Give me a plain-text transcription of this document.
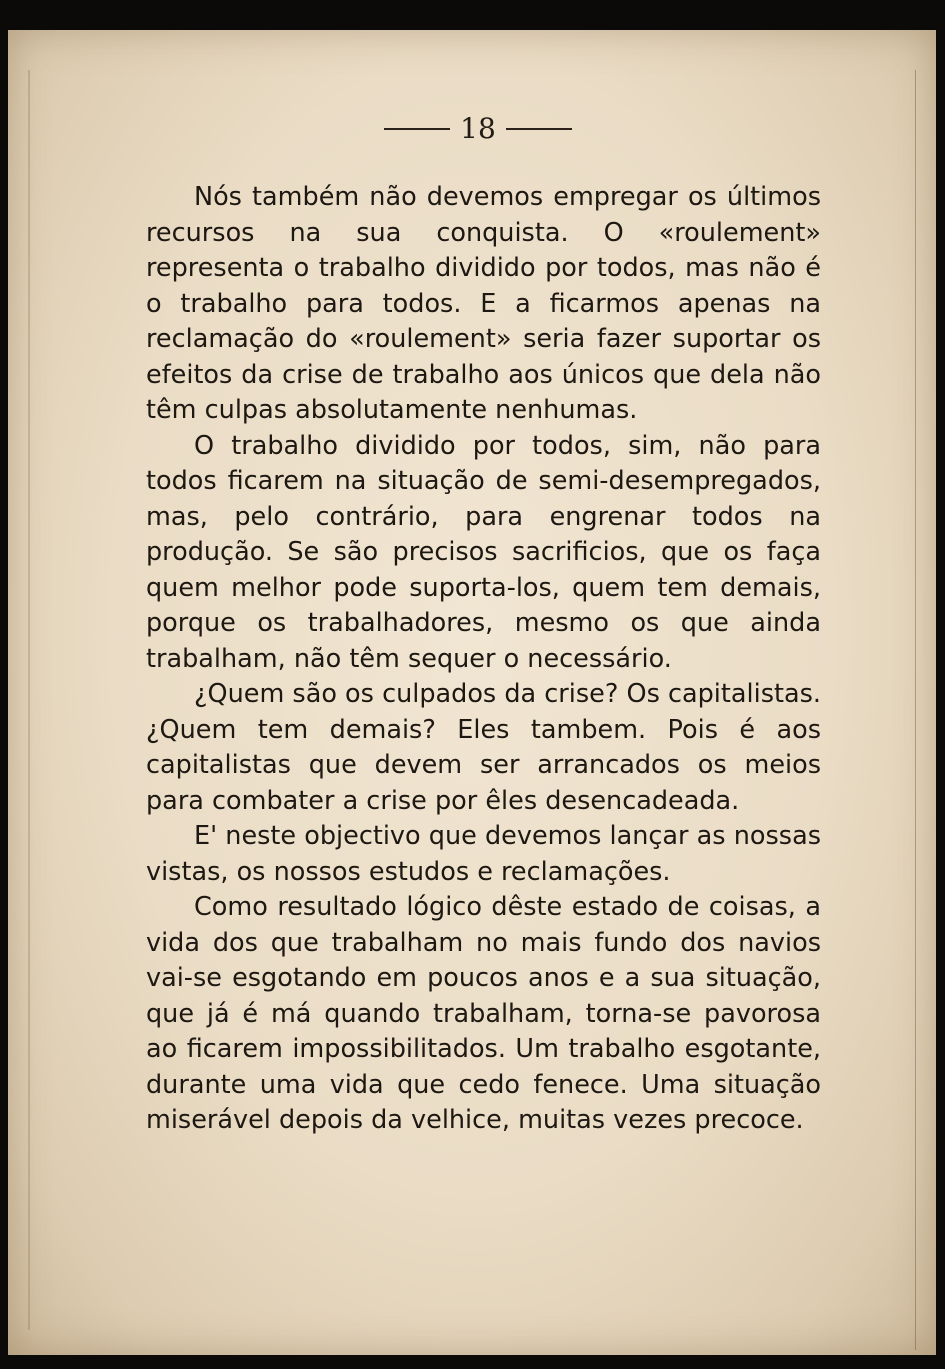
18

Nós também não devemos empregar os últimos recursos na sua conquista. O «roulement» representa o trabalho dividido por todos, mas não é o trabalho para todos. E a ficarmos apenas na reclamação do «roulement» seria fazer suportar os efeitos da crise de trabalho aos únicos que dela não têm culpas absolutamente nenhumas.

O trabalho dividido por todos, sim, não para todos ficarem na situação de semi-desempregados, mas, pelo contrário, para engrenar todos na produção. Se são precisos sacrificios, que os faça quem melhor pode suporta-los, quem tem demais, porque os trabalhadores, mesmo os que ainda trabalham, não têm sequer o necessário.

¿Quem são os culpados da crise? Os capitalistas. ¿Quem tem demais? Eles tambem. Pois é aos capitalistas que devem ser arrancados os meios para combater a crise por êles desencadeada.

E' neste objectivo que devemos lançar as nossas vistas, os nossos estudos e reclamações.

Como resultado lógico dêste estado de coisas, a vida dos que trabalham no mais fundo dos navios vai-se esgotando em poucos anos e a sua situação, que já é má quando trabalham, torna-se pavorosa ao ficarem impossibilitados. Um trabalho esgotante, durante uma vida que cedo fenece. Uma situação miserável depois da velhice, muitas vezes precoce.
